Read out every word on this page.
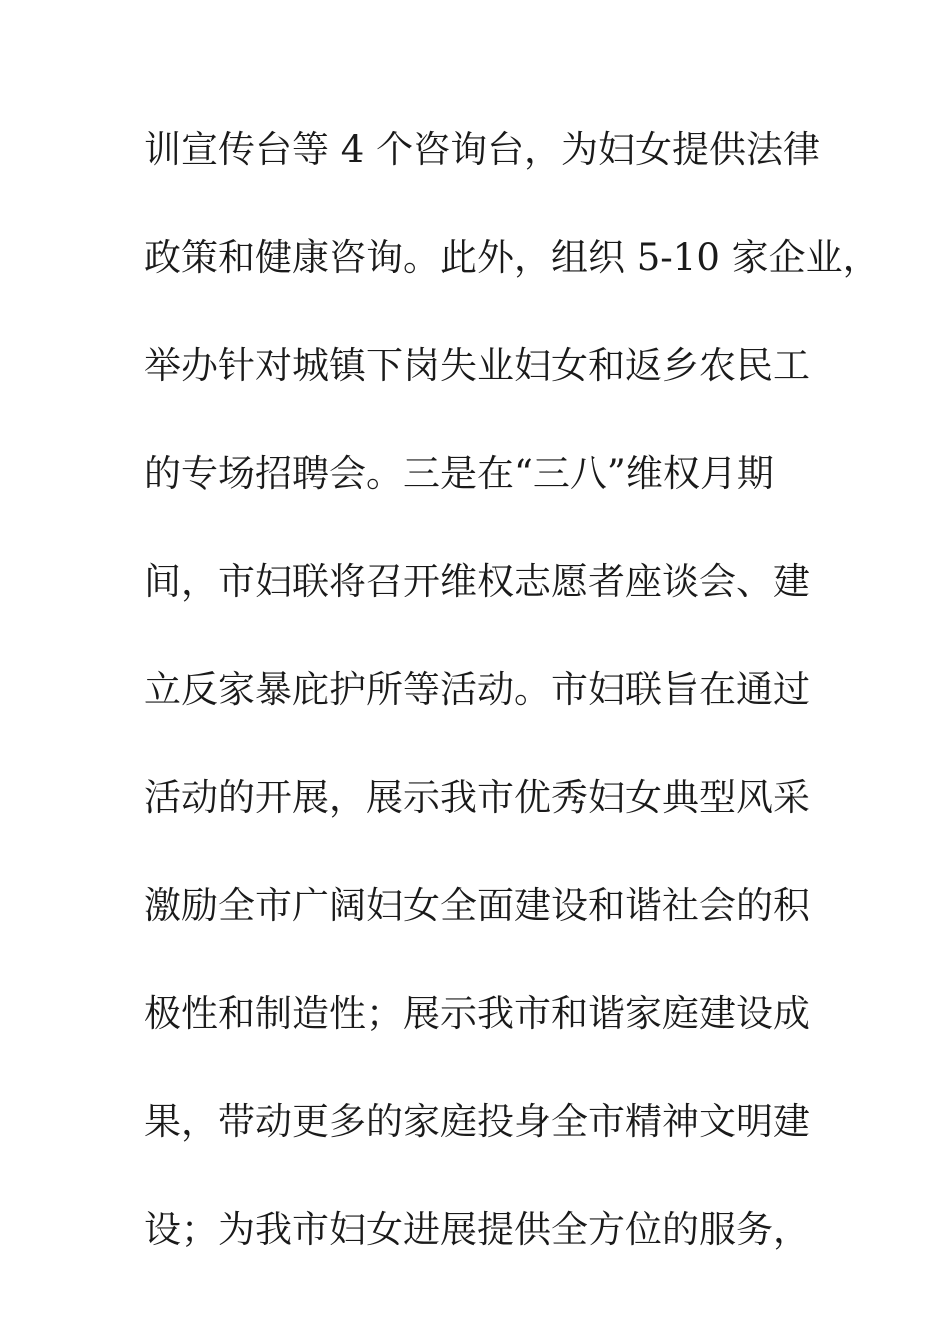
训宣传台等 4 个咨询台，为妇女提供法律
政策和健康咨询。此外，组织 5-10 家企业，
举办针对城镇下岗失业妇女和返乡农民工
的专场招聘会。三是在“三八”维权月期
间，市妇联将召开维权志愿者座谈会、建
立反家暴庇护所等活动。市妇联旨在通过
活动的开展，展示我市优秀妇女典型风采
激励全市广阔妇女全面建设和谐社会的积
极性和制造性；展示我市和谐家庭建设成
果，带动更多的家庭投身全市精神文明建
设；为我市妇女进展提供全方位的服务，
